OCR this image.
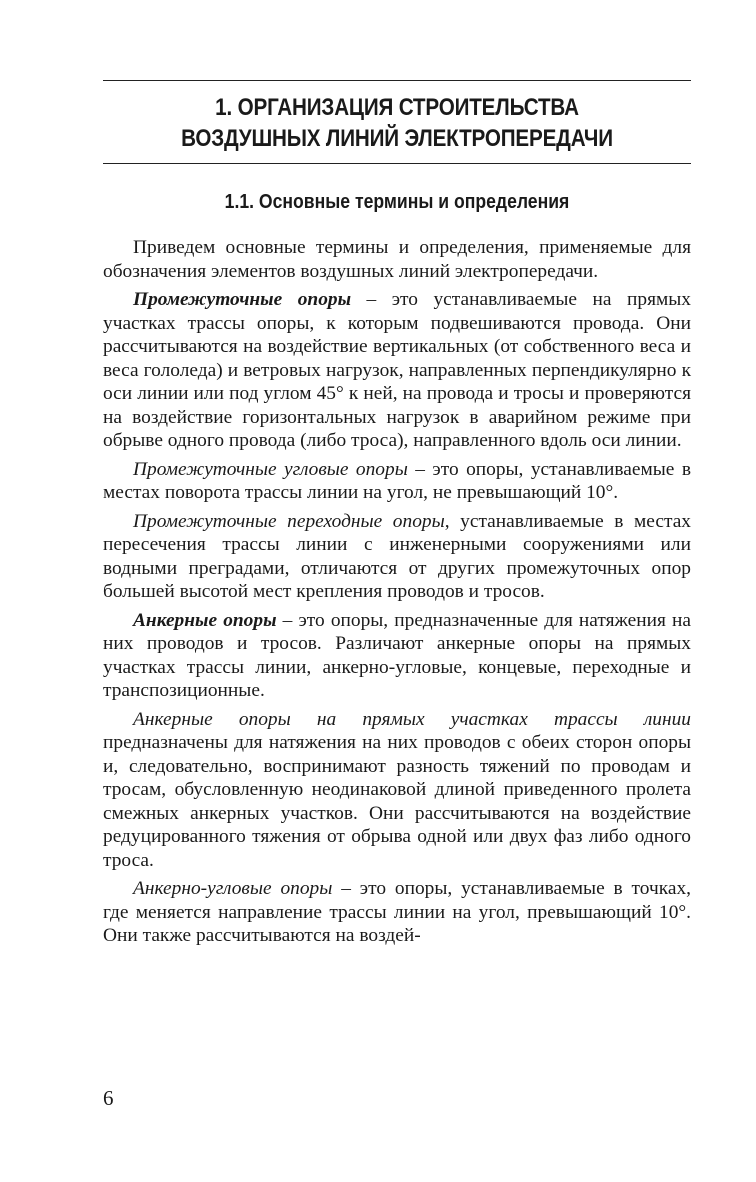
1. ОРГАНИЗАЦИЯ СТРОИТЕЛЬСТВА
ВОЗДУШНЫХ ЛИНИЙ ЭЛЕКТРОПЕРЕДАЧИ
1.1. Основные термины и определения

Приведем основные термины и определения, применяемые для обозначения элементов воздушных линий электропередачи.

Промежуточные опоры – это устанавливаемые на прямых участках трассы опоры, к которым подвешиваются провода. Они рассчитываются на воздействие вертикальных (от собственного веса и веса гололеда) и ветровых нагрузок, направленных перпендикулярно к оси линии или под углом 45° к ней, на провода и тросы и проверяются на воздействие горизонтальных нагрузок в аварийном режиме при обрыве одного провода (либо троса), направленного вдоль оси линии.

Промежуточные угловые опоры – это опоры, устанавливаемые в местах поворота трассы линии на угол, не превышающий 10°.

Промежуточные переходные опоры, устанавливаемые в местах пересечения трассы линии с инженерными сооружениями или водными преградами, отличаются от других промежуточных опор большей высотой мест крепления проводов и тросов.

Анкерные опоры – это опоры, предназначенные для натяжения на них проводов и тросов. Различают анкерные опоры на прямых участках трассы линии, анкерно-угловые, концевые, переходные и транспозиционные.

Анкерные опоры на прямых участках трассы линии предназначены для натяжения на них проводов с обеих сторон опоры и, следовательно, воспринимают разность тяжений по проводам и тросам, обусловленную неодинаковой длиной приведенного пролета смежных анкерных участков. Они рассчитываются на воздействие редуцированного тяжения от обрыва одной или двух фаз либо одного троса.

Анкерно-угловые опоры – это опоры, устанавливаемые в точках, где меняется направление трассы линии на угол, превышающий 10°. Они также рассчитываются на воздей-

6
